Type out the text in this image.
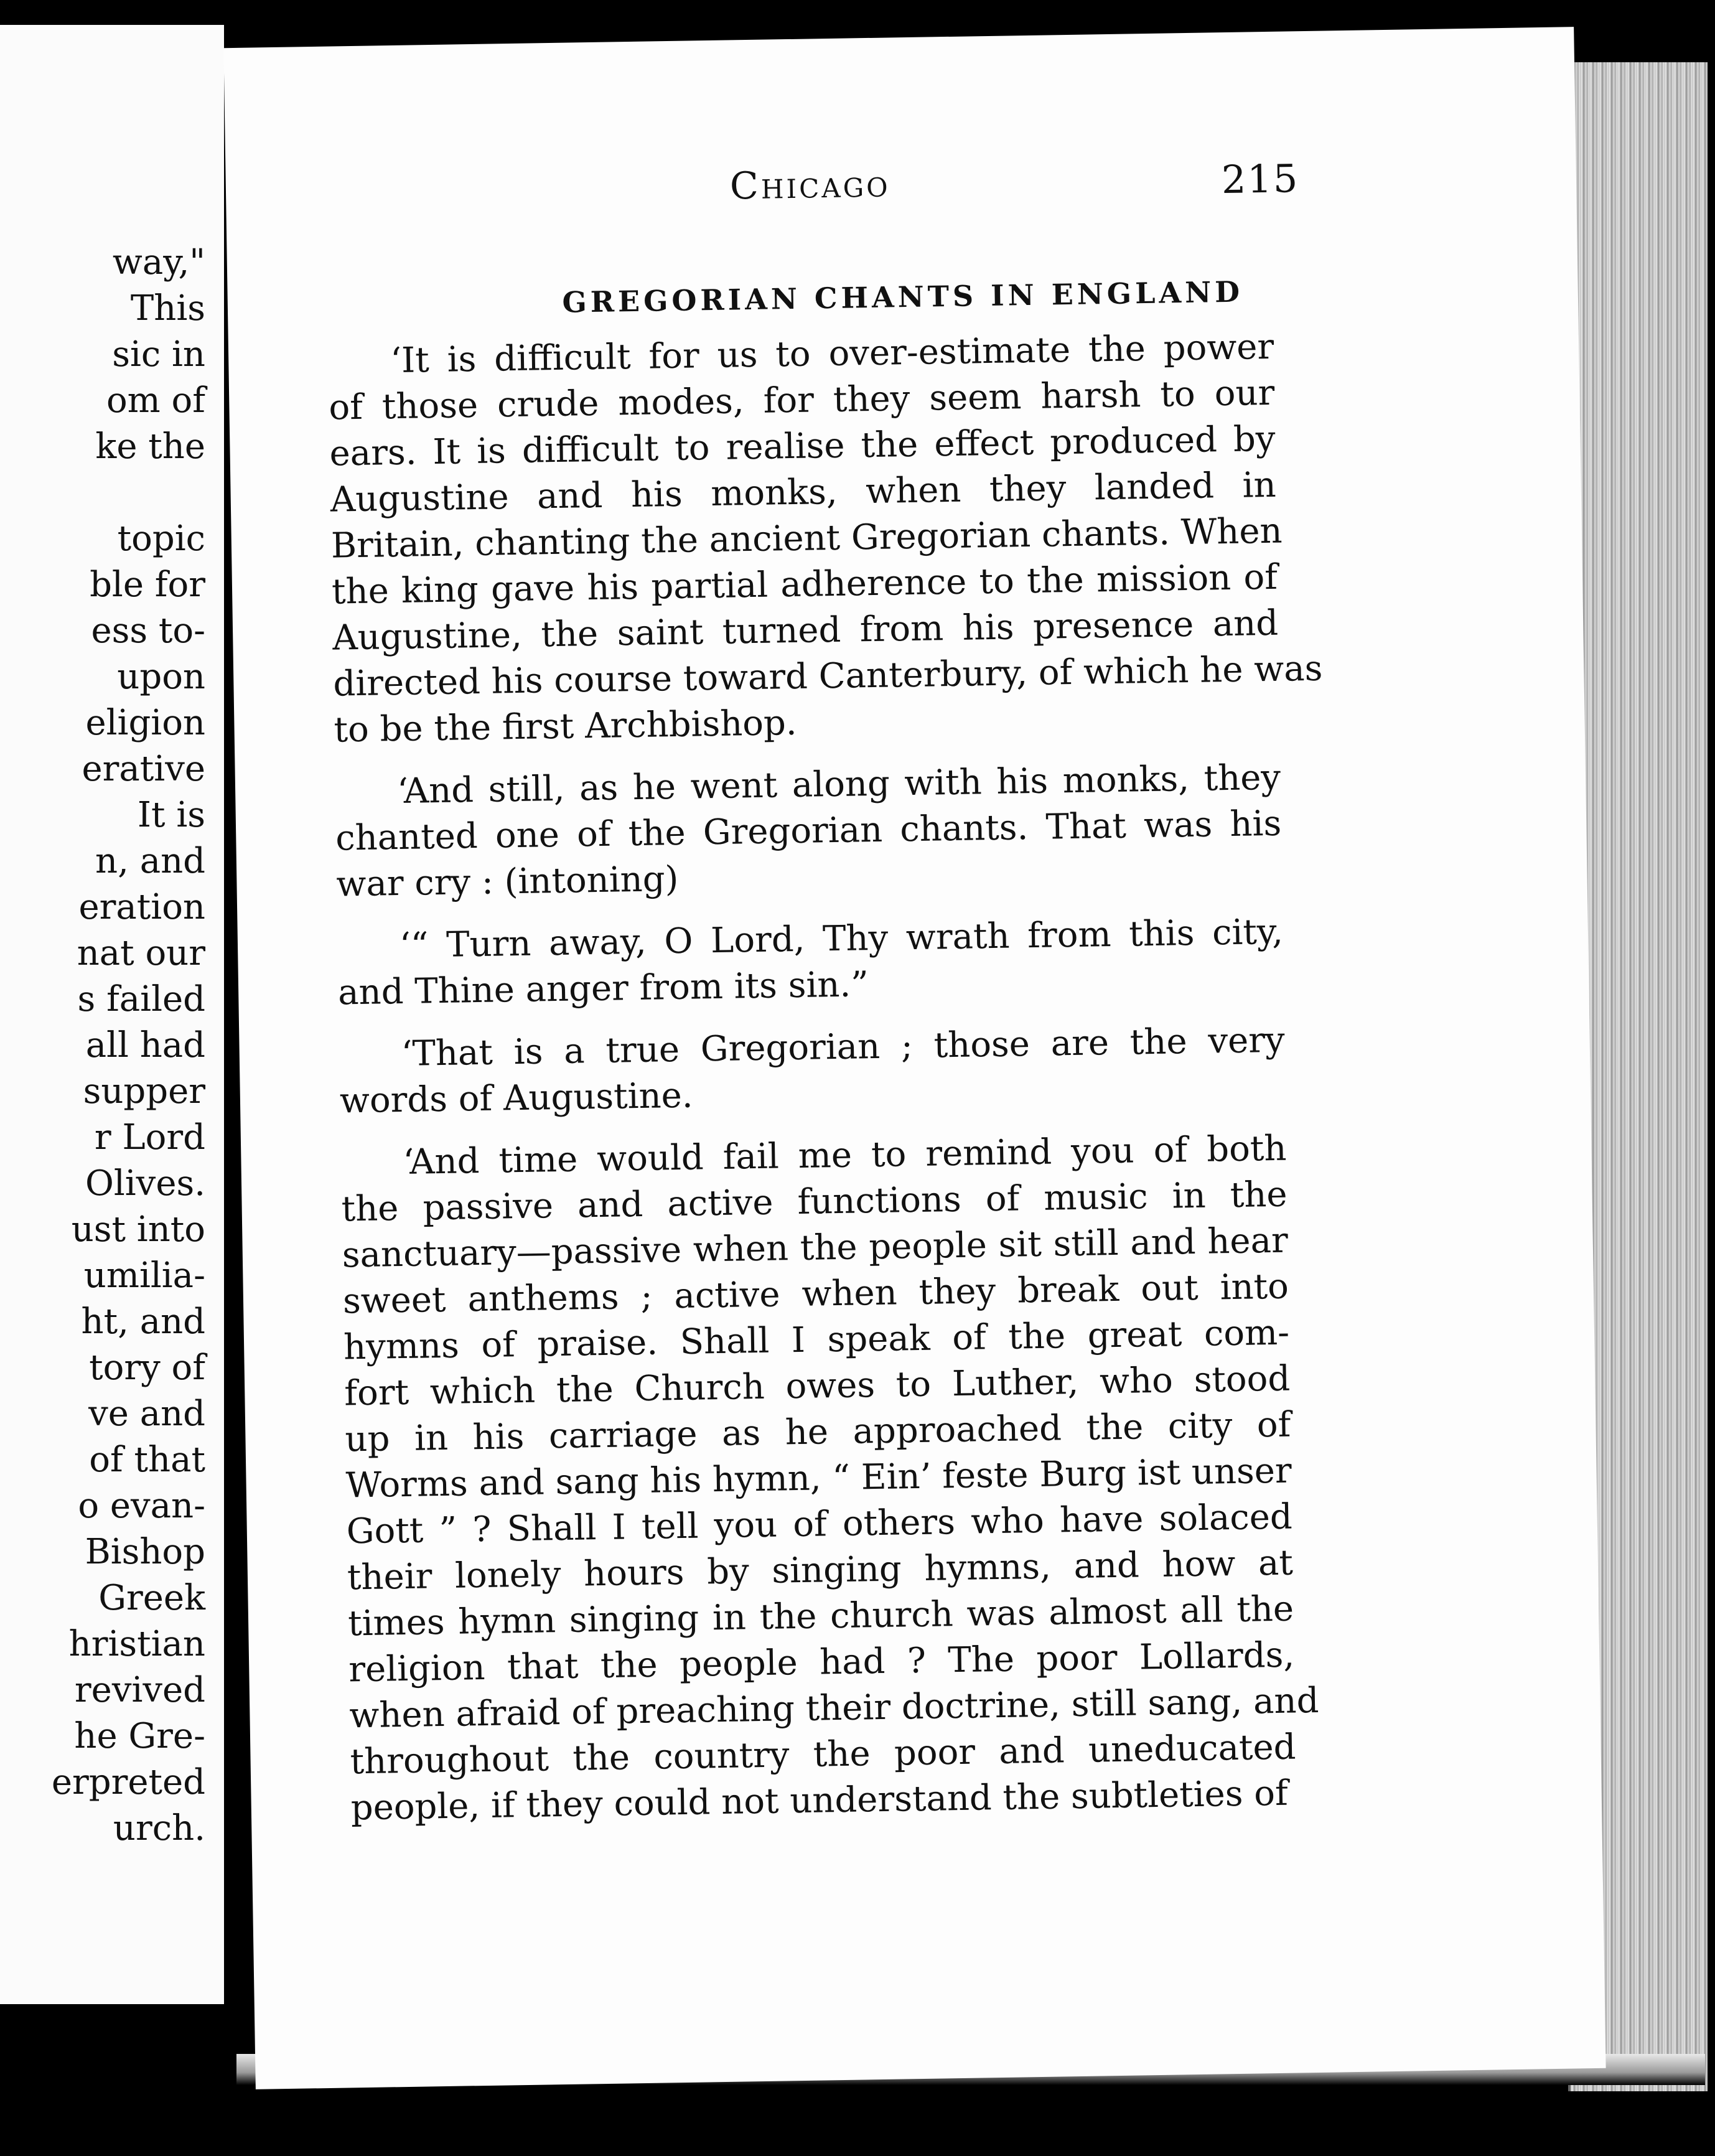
way,"
This
sic in
om of
ke the
topic
ble for
ess to-
upon
eligion
erative
It is
n, and
eration
nat our
s failed
all had
supper
r Lord
Olives.
ust into
umilia-
ht, and
tory of
ve and
of that
o evan-
Bishop
Greek
hristian
revived
he Gre-
erpreted
urch.
Chicago	215
GREGORIAN CHANTS IN ENGLAND
‘It is difficult for us to over-estimate the power
of those crude modes, for they seem harsh to our
ears. It is difficult to realise the effect produced by
Augustine and his monks, when they landed in
Britain, chanting the ancient Gregorian chants. When
the king gave his partial adherence to the mission of
Augustine, the saint turned from his presence and
directed his course toward Canterbury, of which he was
to be the first Archbishop.
‘And still, as he went along with his monks, they
chanted one of the Gregorian chants. That was his
war cry : (intoning)
‘“ Turn away, O Lord, Thy wrath from this city,
and Thine anger from its sin.”
‘That is a true Gregorian ; those are the very
words of Augustine.
‘And time would fail me to remind you of both
the passive and active functions of music in the
sanctuary—passive when the people sit still and hear
sweet anthems ; active when they break out into
hymns of praise. Shall I speak of the great com-
fort which the Church owes to Luther, who stood
up in his carriage as he approached the city of
Worms and sang his hymn, “ Ein’ feste Burg ist unser
Gott ” ? Shall I tell you of others who have solaced
their lonely hours by singing hymns, and how at
times hymn singing in the church was almost all the
religion that the people had ? The poor Lollards,
when afraid of preaching their doctrine, still sang, and
throughout the country the poor and uneducated
people, if they could not understand the subtleties of
